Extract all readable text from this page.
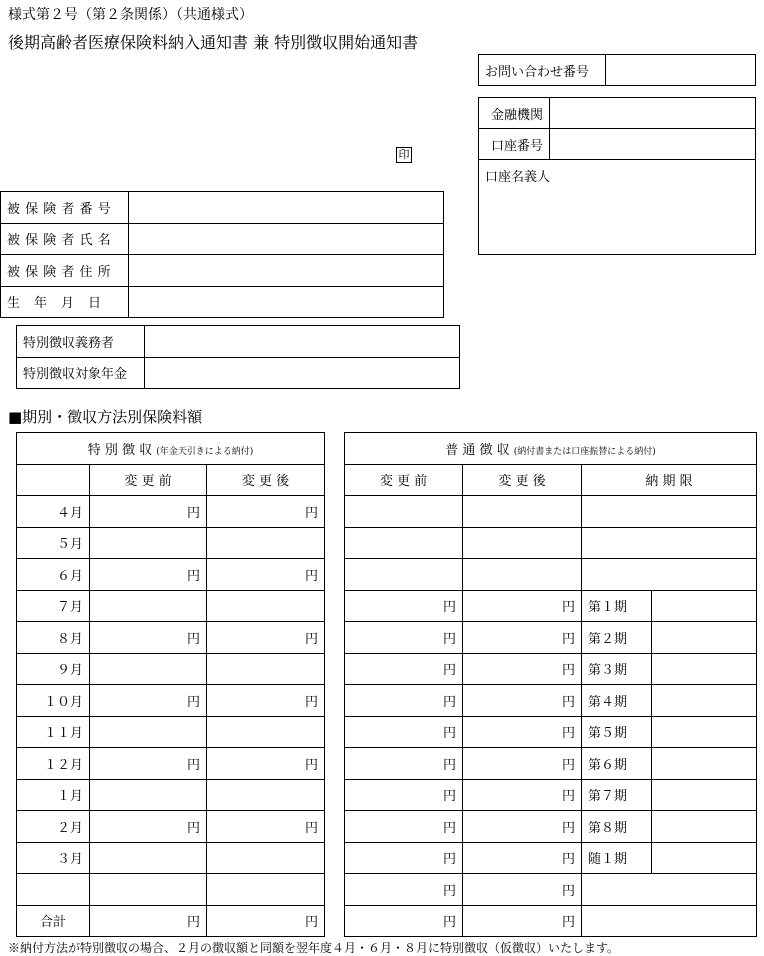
様式第２号（第２条関係）（共通様式）
後期高齢者医療保険料納入通知書 兼 特別徴収開始通知書
印
お問い合わせ番号	
金融機関	
口座番号	
口座名義人	
被 保 険 者 番 号	
被 保 険 者 氏 名	
被 保 険 者 住 所	
生　年　月　日	
特別徴収義務者	
特別徴収対象年金	
■期別・徴収方法別保険料額
特 別 徴 収 (年金天引きによる納付)		
	変 更 前	変 更 後
４月	円	円
５月		
６月	円	円
７月		
８月	円	円
９月		
１０月	円	円
１１月		
１２月	円	円
１月		
２月	円	円
３月		

合計	円	円
普 通 徴 収 (納付書または口座振替による納付)			
変 更 前	変 更 後	納 期 限	

円	円	第１期	
円	円	第２期	
円	円	第３期	
円	円	第４期	
円	円	第５期	
円	円	第６期	
円	円	第７期	
円	円	第８期	
円	円	随１期	
円	円		
円	円		
※納付方法が特別徴収の場合、２月の徴収額と同額を翌年度４月・６月・８月に特別徴収（仮徴収）いたします。
